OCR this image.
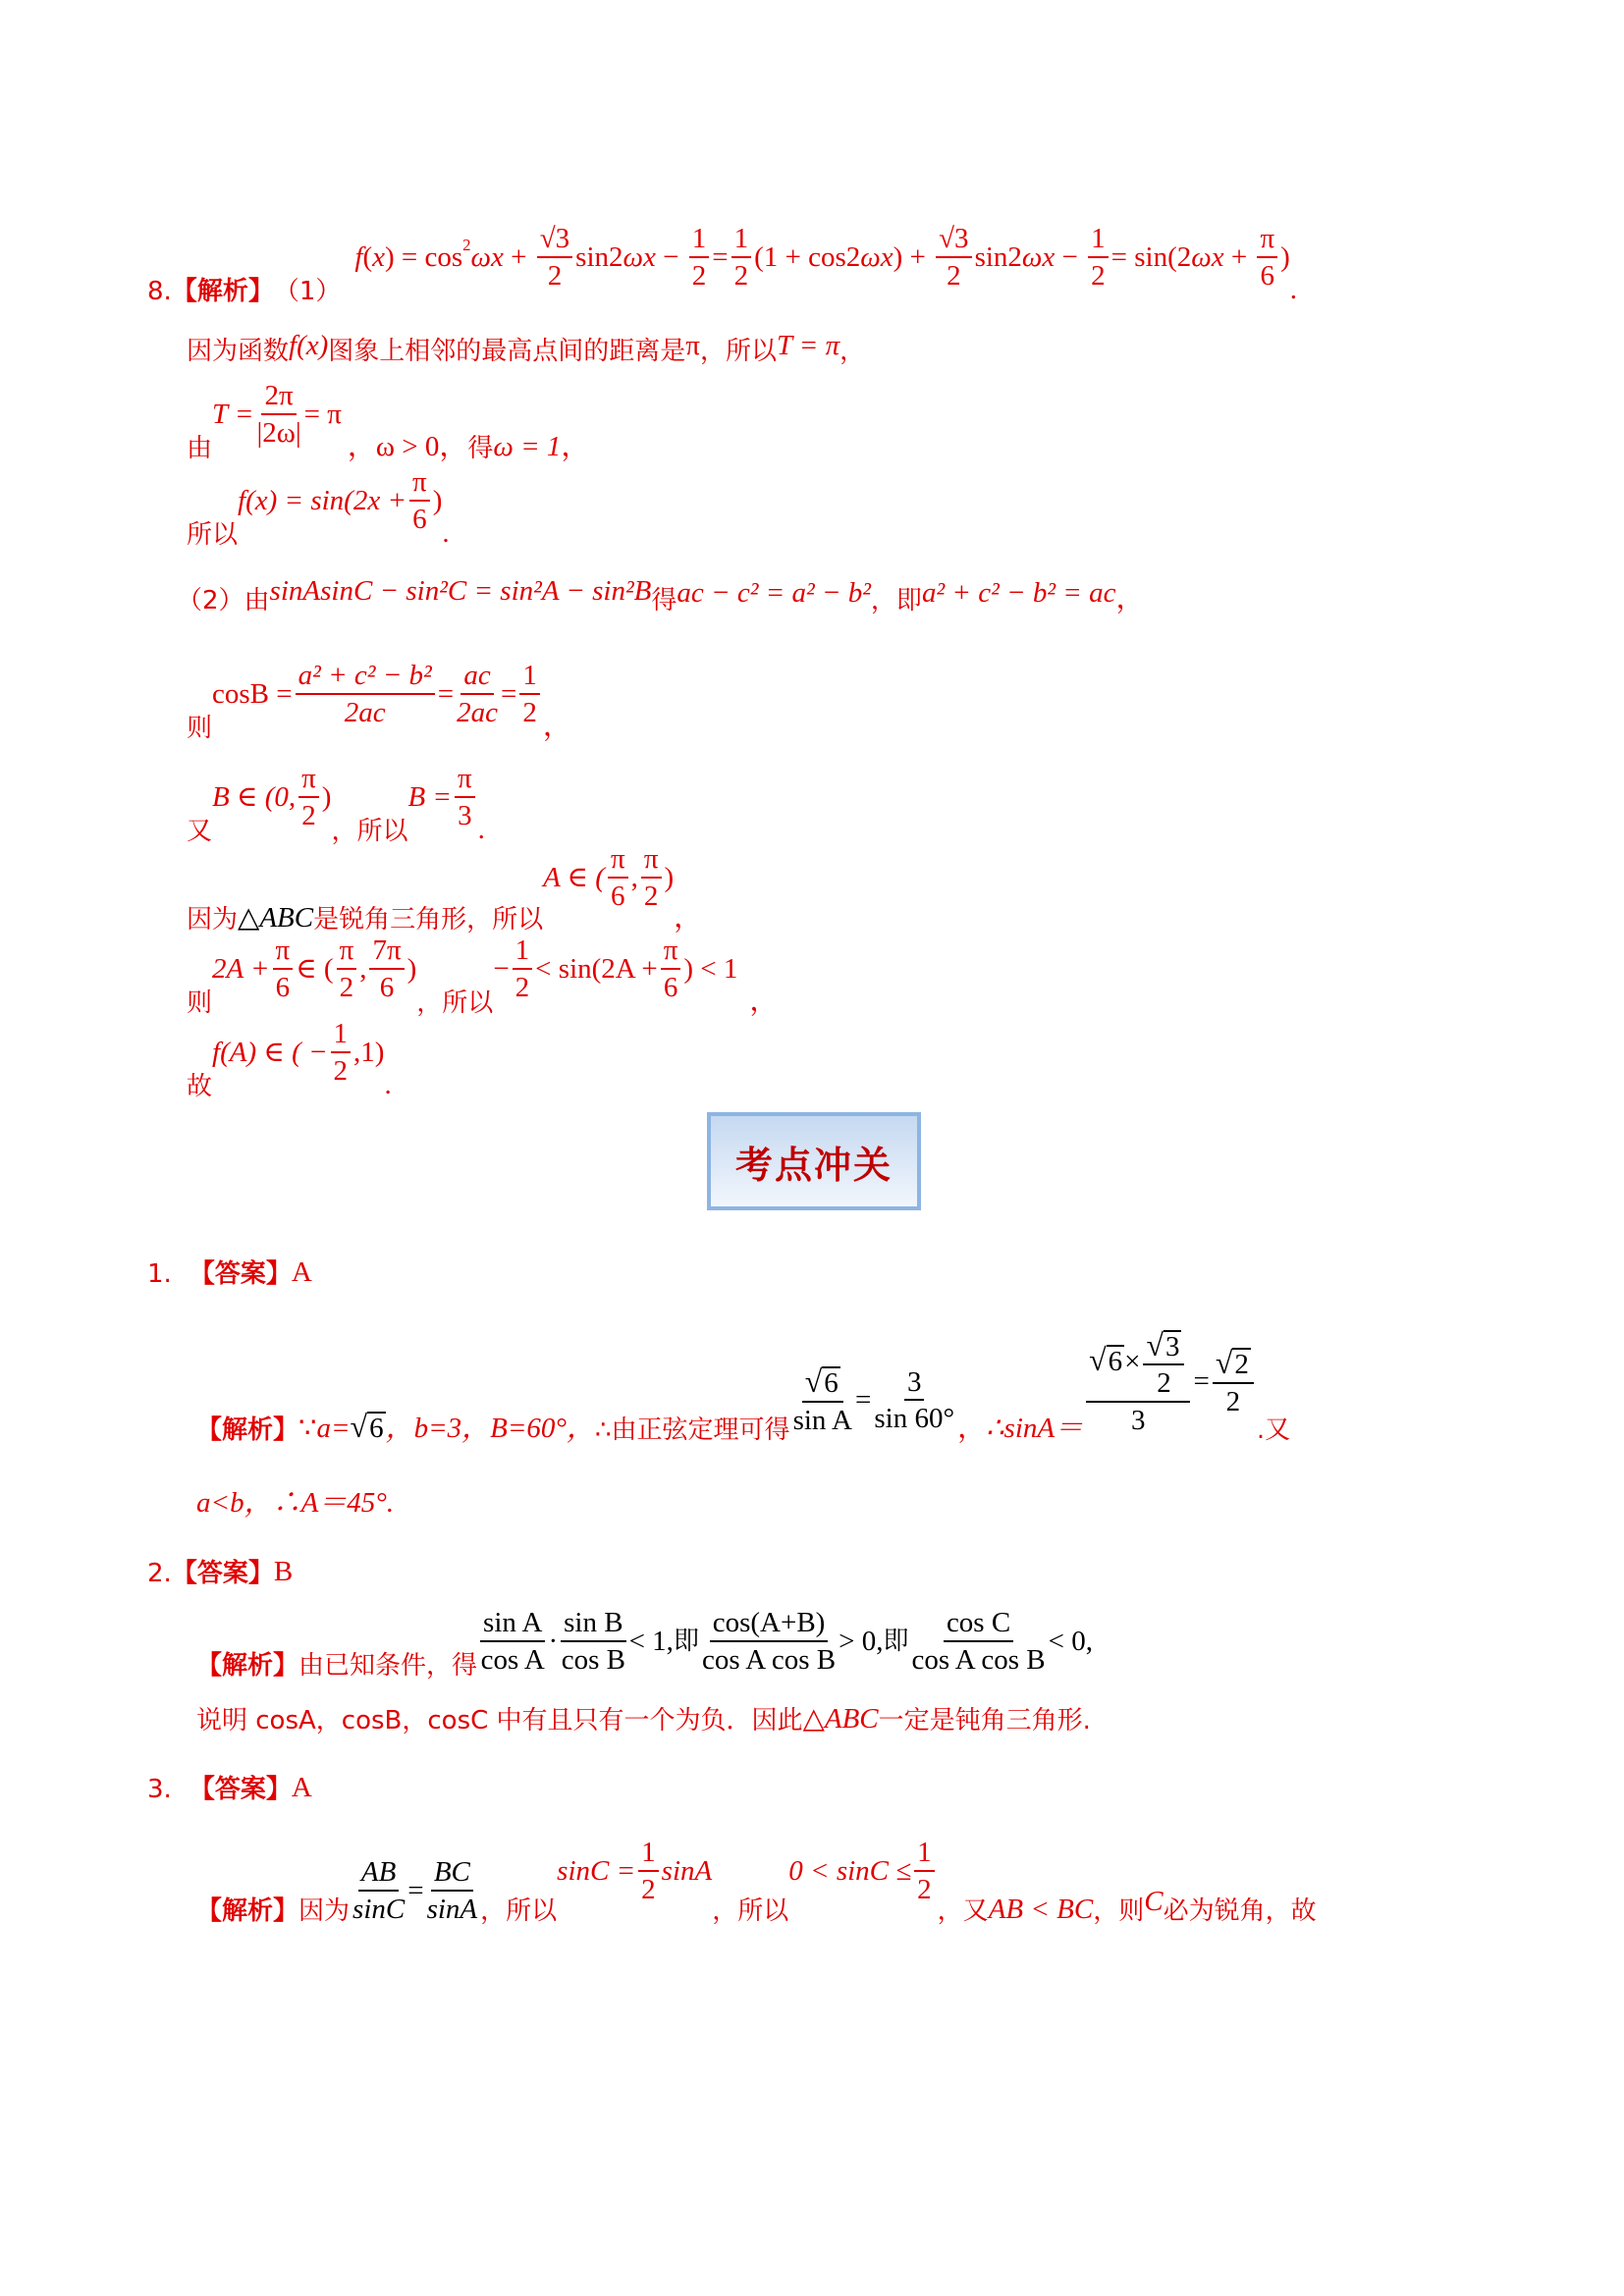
8. 【解析】 （1）
f ( x ) = cos 2 $\omega x + \frac{√3}{2} \sin 2$ $\omega x - \frac{1}{2} = \frac{1}{2} (1 + \cos 2$ ωx ) + $\frac{√3}{2} \sin 2$ $\omega x - \frac{1}{2} = \sin(2$ $\omega x + \frac{\pi}{6}$ )
.
因为函数 f(x) 图象上相邻的最高点间的距离是 π ，所以 T = π ，
由
$T = \frac{2\pi}{|2\omega|} = \pi$
，ω > 0， 得 ω = 1 ，
所以
$f(x) = \sin(2x + \frac{\pi}{6}$ )
.
（2）由 sinAsinC − sin²C = sin²A − sin²B 得 ac − c² = a² − b² ，即 a² + c² − b² = ac ，
则
$\cos B = \frac{\text{a² + c² − b²}}{2ac} = \frac{ac}{2ac} = \frac{1}{2}$ ，
又
B ∈ (0, $\frac{\pi}{2}$ )
，所以
$B = \frac{\pi}{3}$ .
因为 △ABC 是锐角三角形，所以
A ∈ ( $\frac{\pi}{6}$ , $\frac{\pi}{2}$ )
，
则
$2A + \frac{\pi}{6}$ ∈ ( $\frac{\pi}{2}$ , $\frac{7\pi}{6}$ )
，所以
− $\frac{1}{2} < \sin(2A + \frac{\pi}{6}$ ) < 1
，
故
f(A) ∈ ( − $\frac{1}{2} ,1$)
.
考点冲关
1. 【答案】 A
【解析】 ∵ a= √ 6 ，b=3，B=60°， ∴由正弦定理可得 $\frac{√ 6}{\text{sin A}} = \frac{3}{\sin 60^\circ}$ ， ∴sinA＝ $\frac{√ 6 \times \frac{√ 3}{2}}{3} = \frac{√ 2}{2}$
.又
a<b，∴A＝45°.
2. 【答案】 B
【解析】 由已知条件，得 $\frac{\text{sin A}}{\text{cos A}} \cdot \frac{\text{sin B}}{\text{cos B}} < 1$, 即 $\frac{\cos(A+B)}{\text{cos A cos B}} > 0$, 即 $\frac{\text{cos C}}{\text{cos A cos B}} < 0$,
说明 cosA，cosB，cosC 中有且只有一个为负．因此 △ABC 一定是钝角三角形.
3. 【答案】 A
【解析】 因为 $\frac{AB}{\sin C} = \frac{BC}{\sin A}$ ，所以
$\sin C = \frac{1}{2}$ sinA
，所以
$0 < \sin C \le \frac{1}{2}$
，又 AB < BC ，则 C 必为锐角，故
